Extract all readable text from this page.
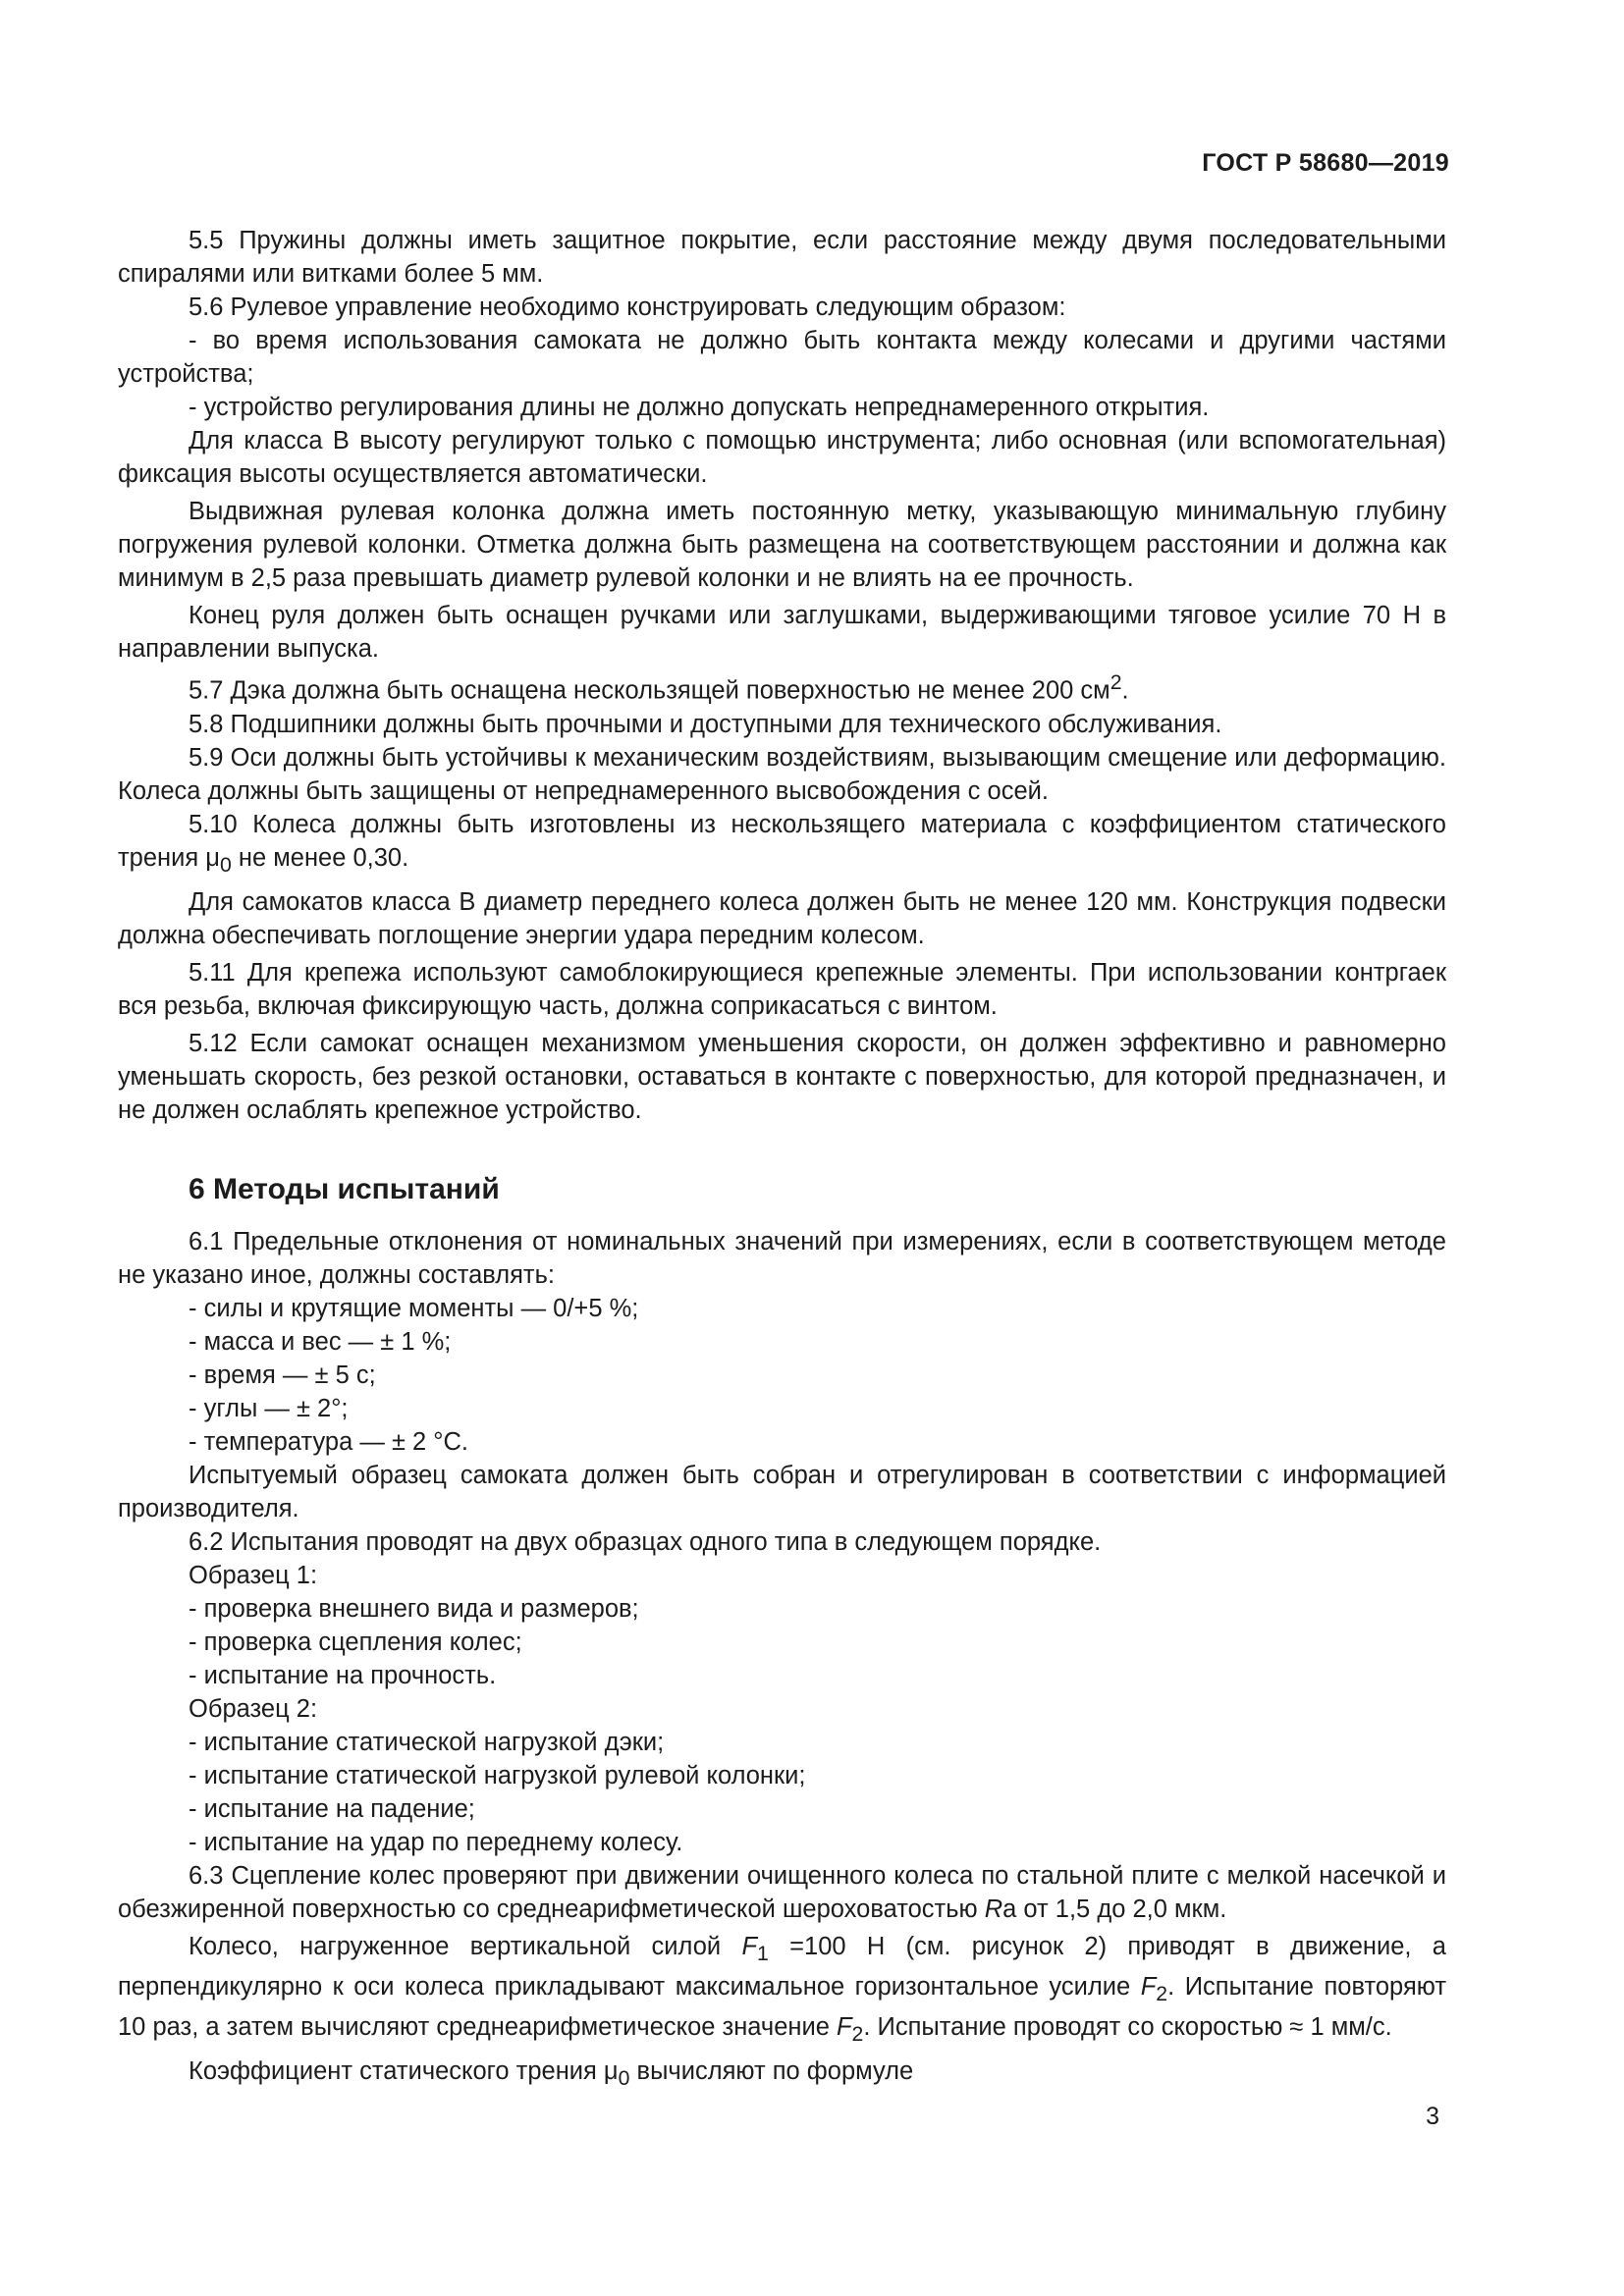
ГОСТ Р 58680—2019

5.5 Пружины должны иметь защитное покрытие, если расстояние между двумя последовательными спиралями или витками более 5 мм.

5.6 Рулевое управление необходимо конструировать следующим образом:

- во время использования самоката не должно быть контакта между колесами и другими частями устройства;

- устройство регулирования длины не должно допускать непреднамеренного открытия.

Для класса В высоту регулируют только с помощью инструмента; либо основная (или вспомогательная) фиксация высоты осуществляется автоматически.

Выдвижная рулевая колонка должна иметь постоянную метку, указывающую минимальную глубину погружения рулевой колонки. Отметка должна быть размещена на соответствующем расстоянии и должна как минимум в 2,5 раза превышать диаметр рулевой колонки и не влиять на ее прочность.

Конец руля должен быть оснащен ручками или заглушками, выдерживающими тяговое усилие 70 Н в направлении выпуска.

5.7 Дэка должна быть оснащена нескользящей поверхностью не менее 200 $см^2$.

5.8 Подшипники должны быть прочными и доступными для технического обслуживания.

5.9 Оси должны быть устойчивы к механическим воздействиям, вызывающим смещение или деформацию. Колеса должны быть защищены от непреднамеренного высвобождения с осей.

5.10 Колеса должны быть изготовлены из нескользящего материала с коэффициентом статического трения $\mu_0$ не менее 0,30.

Для самокатов класса В диаметр переднего колеса должен быть не менее 120 мм. Конструкция подвески должна обеспечивать поглощение энергии удара передним колесом.

5.11 Для крепежа используют самоблокирующиеся крепежные элементы. При использовании контргаек вся резьба, включая фиксирующую часть, должна соприкасаться с винтом.

5.12 Если самокат оснащен механизмом уменьшения скорости, он должен эффективно и равномерно уменьшать скорость, без резкой остановки, оставаться в контакте с поверхностью, для которой предназначен, и не должен ослаблять крепежное устройство.

6 Методы испытаний

6.1 Предельные отклонения от номинальных значений при измерениях, если в соответствующем методе не указано иное, должны составлять:

- силы и крутящие моменты — 0/+5 %;

- масса и вес — ± 1 %;

- время — ± 5 с;

- углы — ± 2°;

- температура — ± 2 °С.

Испытуемый образец самоката должен быть собран и отрегулирован в соответствии с информацией производителя.

6.2 Испытания проводят на двух образцах одного типа в следующем порядке.

Образец 1:

- проверка внешнего вида и размеров;

- проверка сцепления колес;

- испытание на прочность.

Образец 2:

- испытание статической нагрузкой дэки;

- испытание статической нагрузкой рулевой колонки;

- испытание на падение;

- испытание на удар по переднему колесу.

6.3 Сцепление колес проверяют при движении очищенного колеса по стальной плите с мелкой насечкой и обезжиренной поверхностью со среднеарифметической шероховатостью Ra от 1,5 до 2,0 мкм.

Колесо, нагруженное вертикальной силой $F_1 =100$ Н (см. рисунок 2) приводят в движение, а перпендикулярно к оси колеса прикладывают максимальное горизонтальное усилие $F_2$. Испытание повторяют 10 раз, а затем вычисляют среднеарифметическое значение $F_2$. Испытание проводят со скоростью ≈ 1 мм/с.

Коэффициент статического трения $\mu_0$ вычисляют по формуле

3
